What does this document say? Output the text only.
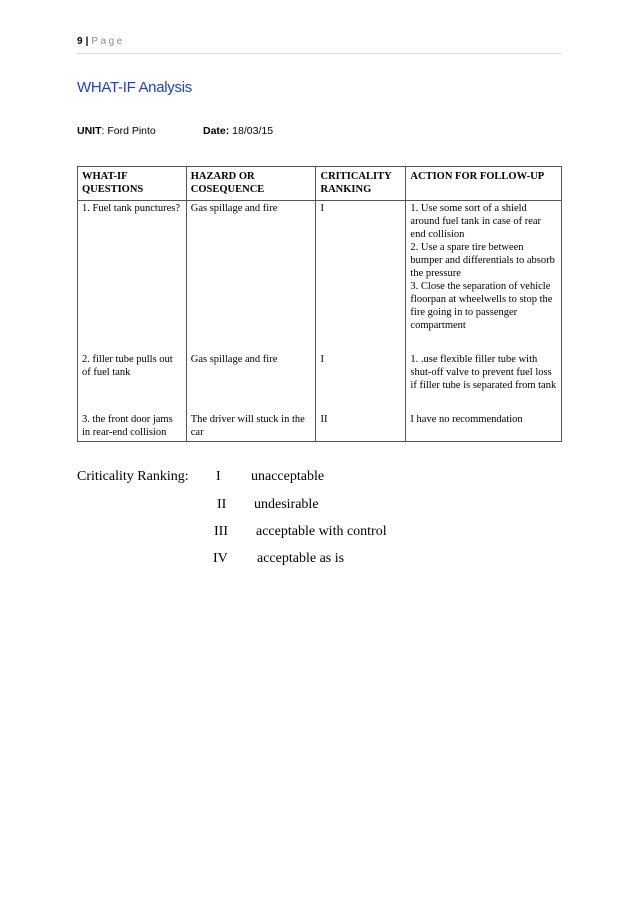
9 | Page
WHAT-IF Analysis
UNIT: Ford Pinto	Date: 18/03/15
WHAT-IF QUESTIONS	HAZARD OR COSEQUENCE	CRITICALITY RANKING	ACTION FOR FOLLOW-UP
1. Fuel tank punctures?	Gas spillage and fire	I	1. Use some sort of a shield around fuel tank in case of rear end collision
2. Use a spare tire between bumper and differentials to absorb the pressure
3. Close the separation of vehicle floorpan at wheelwells to stop the fire going in to passenger compartment

2. filler tube pulls out of fuel tank	Gas spillage and fire	I	1. .use flexible filler tube with shut-off valve to prevent fuel loss if filler tube is separated from tank

3. the front door jams in rear-end collision	The driver will stuck in the car	II	I have no recommendation
Criticality Ranking: I unacceptable
II undesirable
III acceptable with control
IV acceptable as is
